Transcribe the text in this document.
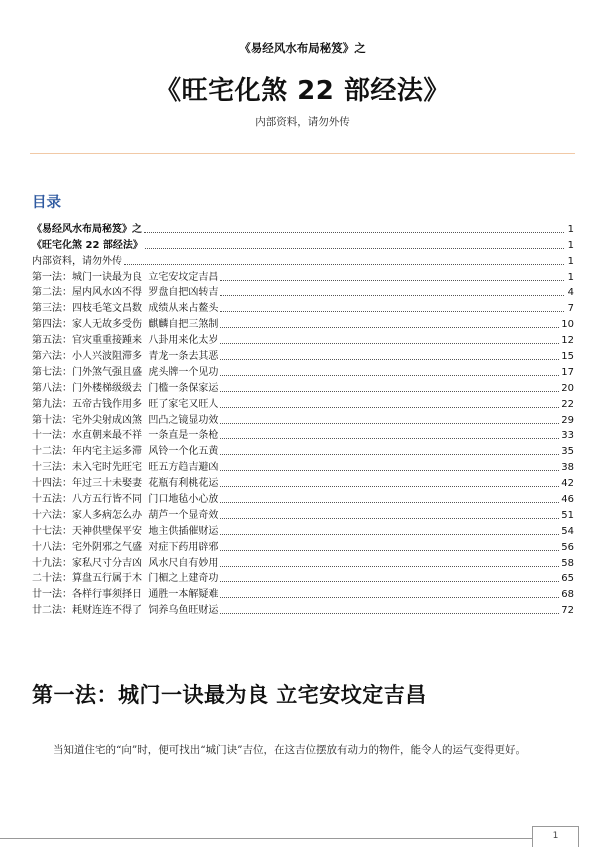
《易经风水布局秘笈》之
《旺宅化煞 22 部经法》
内部资料，请勿外传
目录
《易经风水布局秘笈》之	1
《旺宅化煞 22 部经法》	1
内部资料，请勿外传	1
第一法：城门一诀最为良  立宅安坟定吉昌	1
第二法：屋内风水凶不得  罗盘自把凶转吉	4
第三法：四枝毛笔文昌数  成绩从来占鳌头	7
第四法：家人无故多受伤  麒麟自把三煞制	10
第五法：官灾重重接踵来  八卦用来化太岁	12
第六法：小人兴波阻滞多  青龙一条去其恶	15
第七法：门外煞气强且盛  虎头牌一个见功	17
第八法：门外楼梯级级去  门槛一条保家运	20
第九法：五帝古钱作用多  旺了家宅又旺人	22
第十法：宅外尖射成凶煞  凹凸之镜显功效	29
十一法：水直朝来最不祥  一条直是一条枪	33
十二法：年内宅主运多滞  风铃一个化五黄	35
十三法：未入宅时先旺宅  旺五方趋吉避凶	38
十四法：年过三十未娶妻  花瓶有利桃花运	42
十五法：八方五行皆不同  门口地毡小心放	46
十六法：家人多病怎么办  葫芦一个显奇效	51
十七法：天神供壁保平安  地主供插催财运	54
十八法：宅外阴邪之气盛  对症下药用辟邪	56
十九法：家私尺寸分吉凶  风水尺自有妙用	58
二十法：算盘五行属于木  门楣之上建奇功	65
廿一法：各样行事须择日  通胜一本解疑难	68
廿二法：耗财连连不得了  饲养乌鱼旺财运	72
第一法：城门一诀最为良 立宅安坟定吉昌
当知道住宅的“向”时，便可找出“城门诀”吉位，在这吉位摆放有动力的物件，能令人的运气变得更好。
1
